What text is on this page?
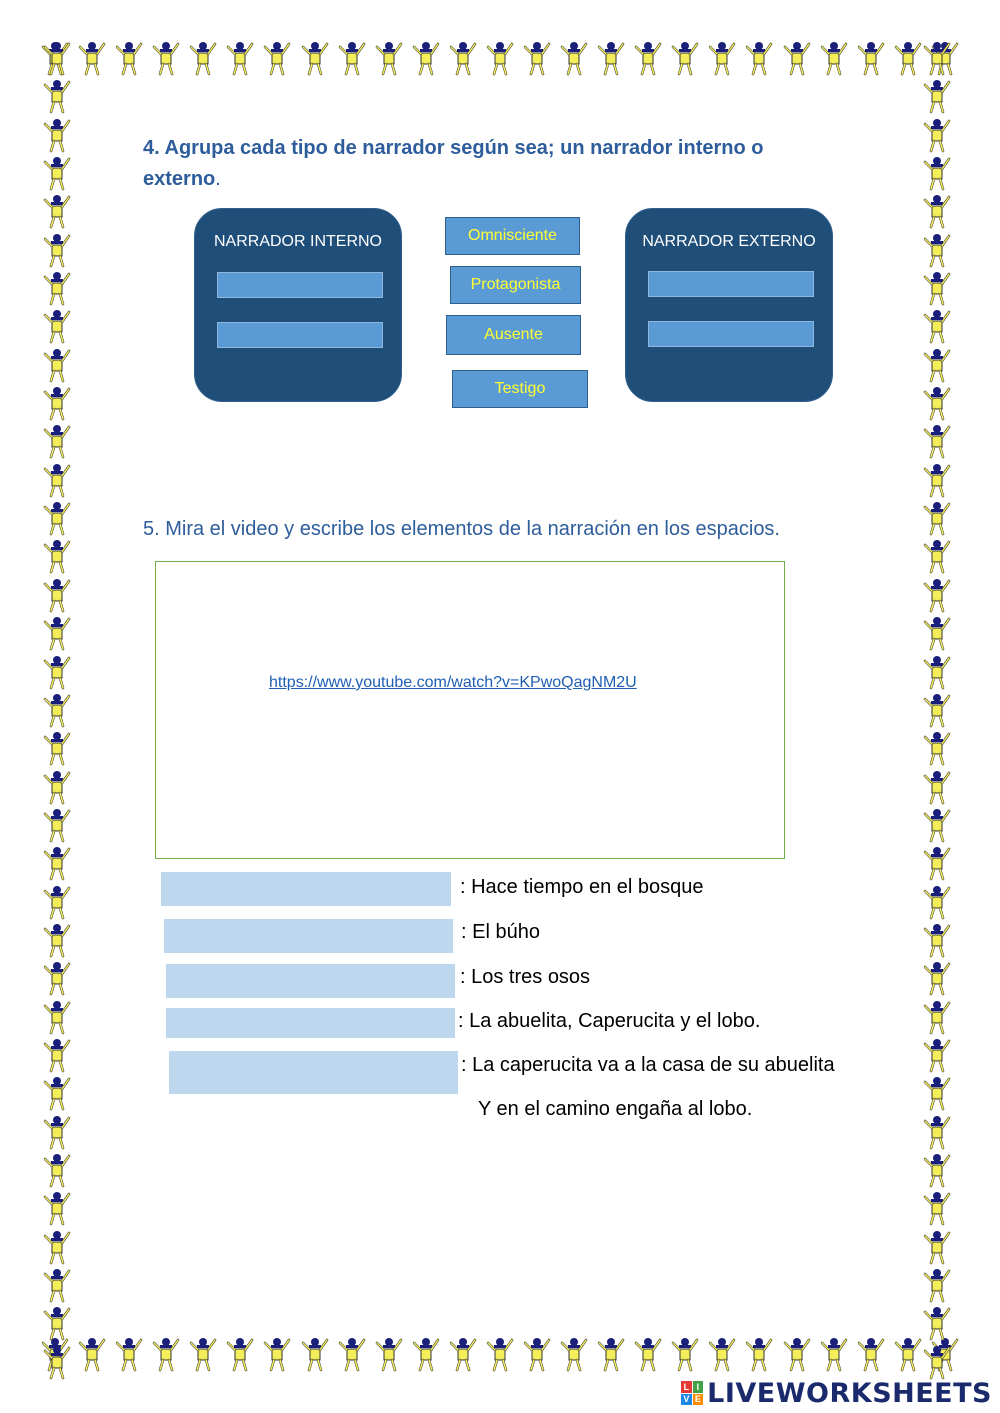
4. Agrupa cada tipo de narrador según sea; un narrador interno o externo.
NARRADOR INTERNO	NARRADOR EXTERNO
Omnisciente
Protagonista
Ausente
Testigo
5. Mira el video y escribe los elementos de la narración en los espacios.
https://www.youtube.com/watch?v=KPwoQagNM2U
: Hace tiempo en el bosque
: El búho
: Los tres osos
: La abuelita, Caperucita y el lobo.
: La caperucita va a la casa de su abuelita
Y en el camino engaña al lobo.
L I
V E LIVEWORKSHEETS
